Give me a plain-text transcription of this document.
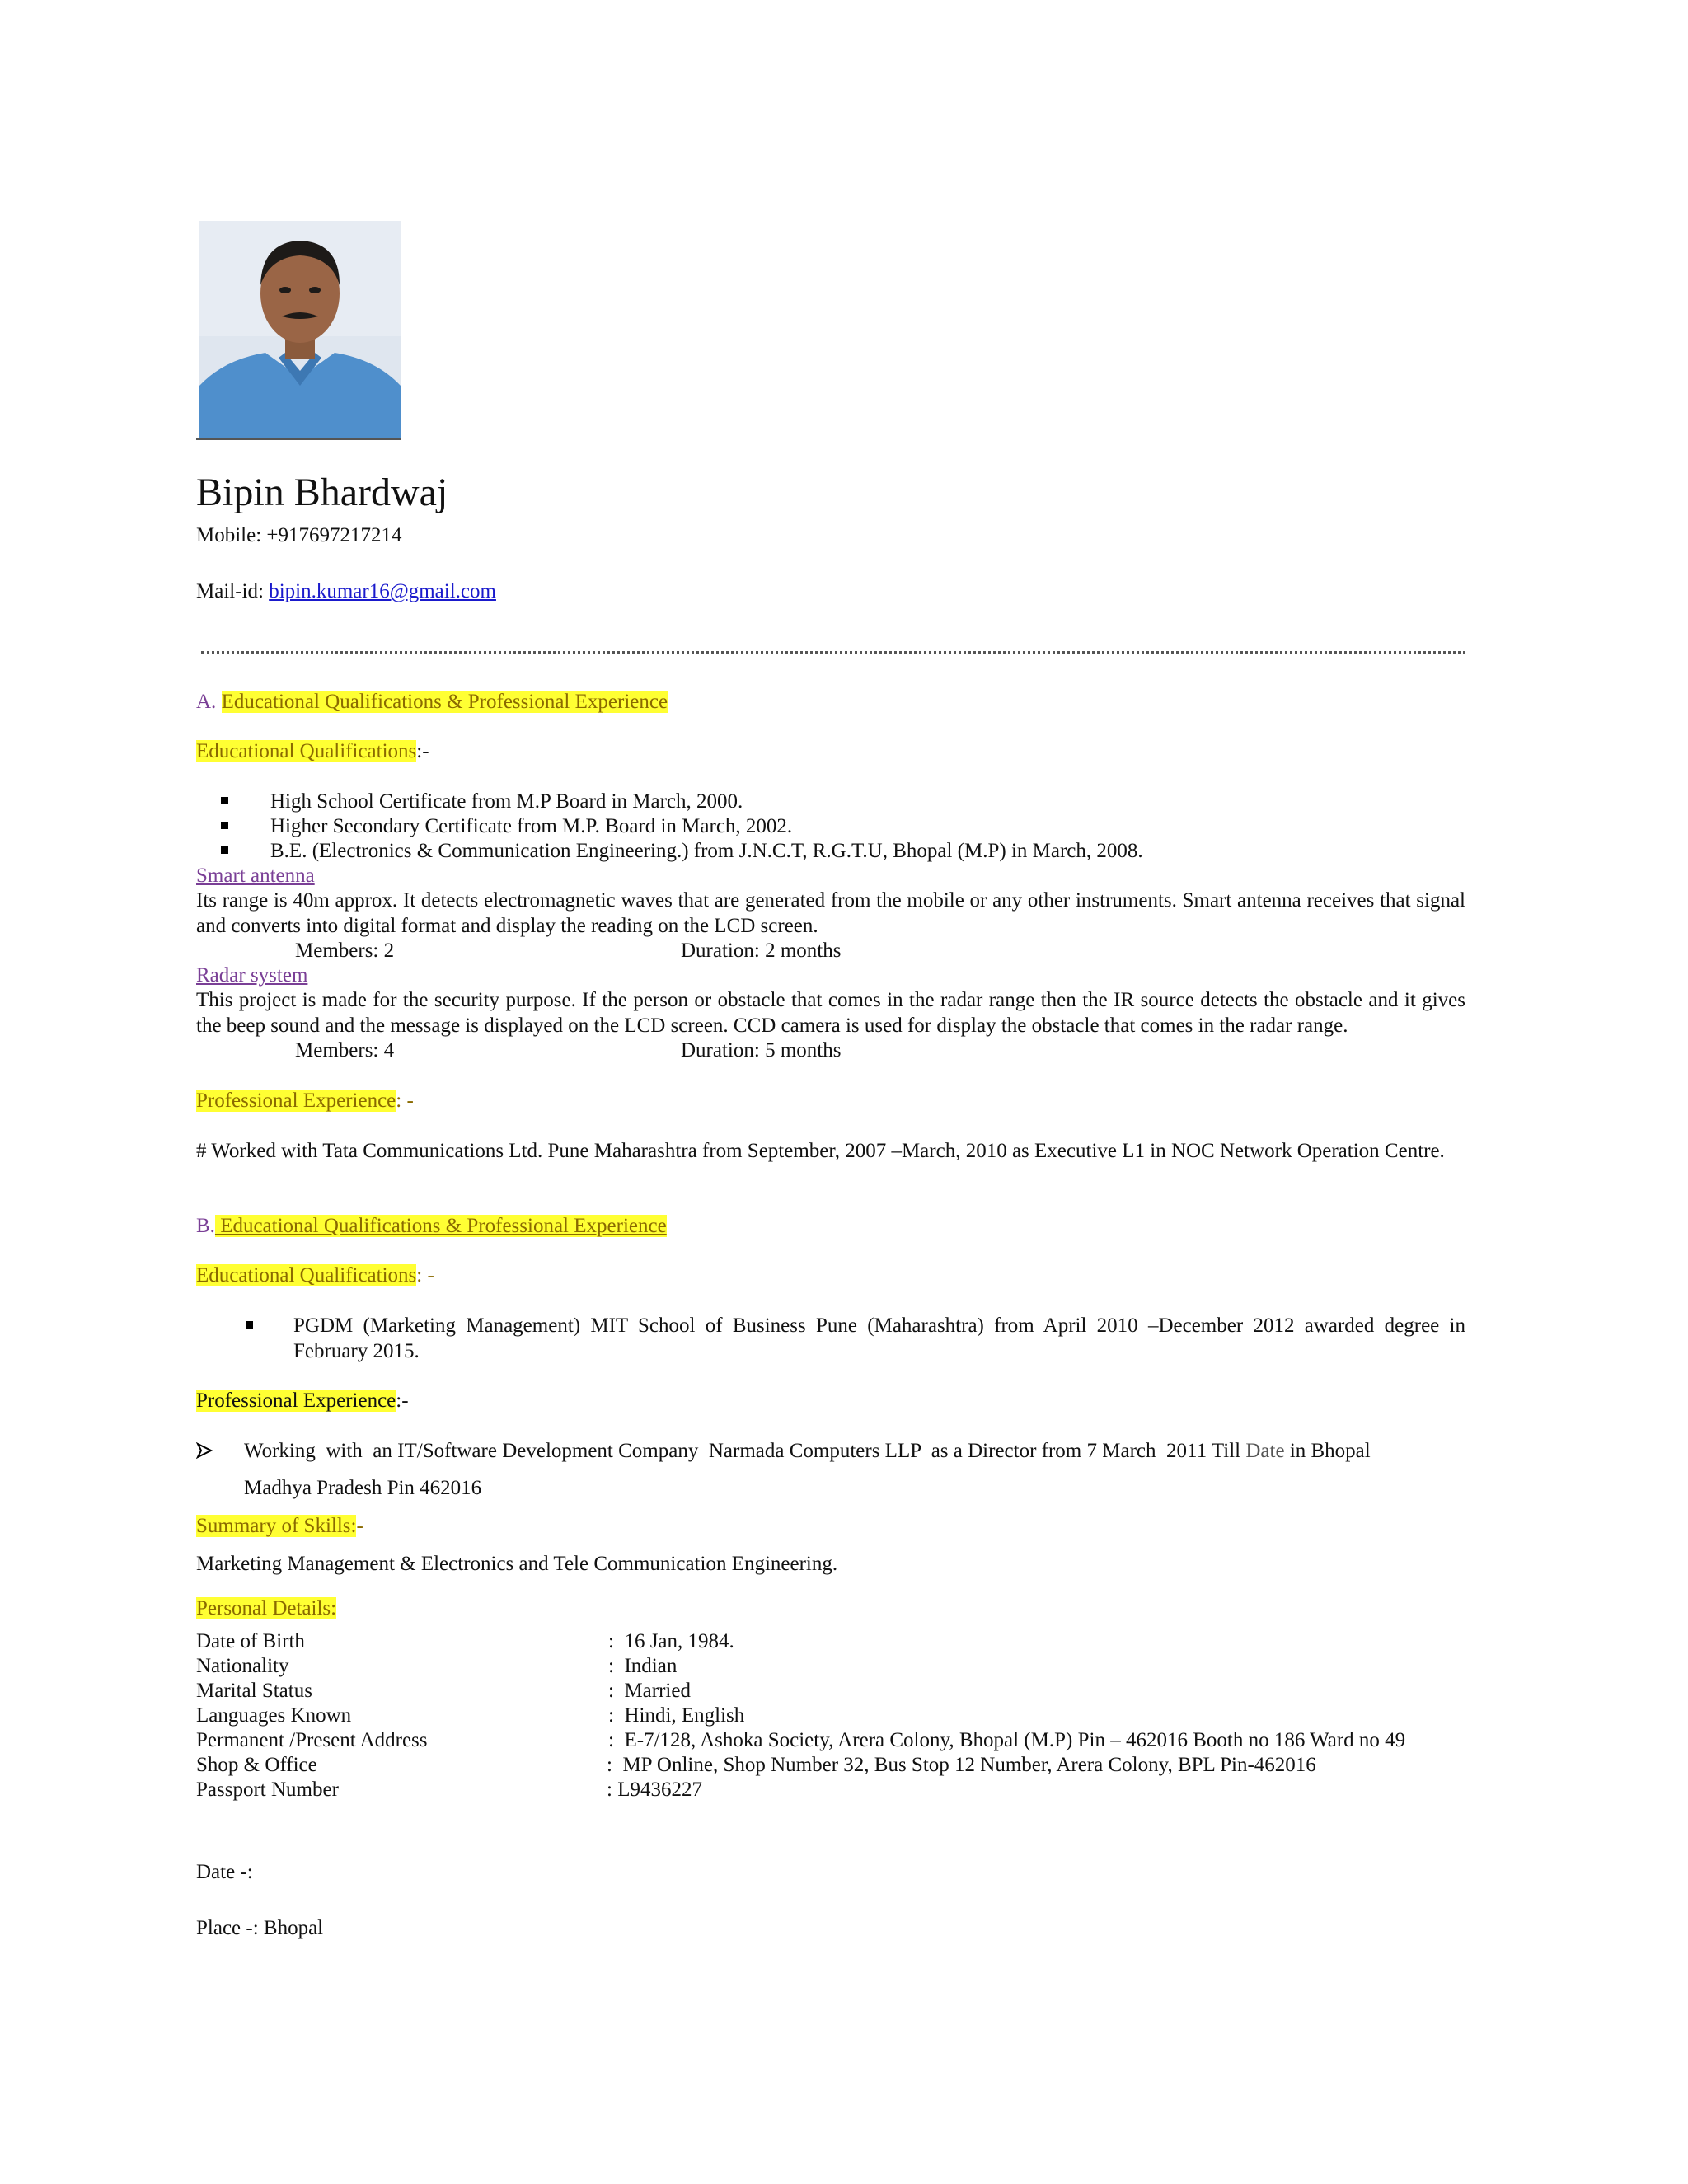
Bipin Bhardwaj
Mobile: +917697217214
Mail-id: bipin.kumar16@gmail.com
A. Educational Qualifications & Professional Experience
Educational Qualifications:-
High School Certificate from M.P Board in March, 2000.
Higher Secondary Certificate from M.P. Board in March, 2002.
B.E. (Electronics & Communication Engineering.) from J.N.C.T, R.G.T.U, Bhopal (M.P) in March, 2008.
Smart antenna
Its range is 40m approx. It detects electromagnetic waves that are generated from the mobile or any other instruments. Smart antenna receives that signal and converts into digital format and display the reading on the LCD screen.
Members: 2	Duration: 2 months
Radar system
This project is made for the security purpose. If the person or obstacle that comes in the radar range then the IR source detects the obstacle and it gives the beep sound and the message is displayed on the LCD screen. CCD camera is used for display the obstacle that comes in the radar range.
Members: 4	Duration: 5 months
Professional Experience: -
# Worked with Tata Communications Ltd. Pune Maharashtra from September, 2007 –March, 2010 as Executive L1 in NOC Network Operation Centre.
B. Educational Qualifications & Professional Experience
Educational Qualifications: -
PGDM (Marketing Management) MIT School of Business Pune (Maharashtra) from April 2010 –December 2012 awarded degree in February 2015.
Professional Experience:-
Working  with  an IT/Software Development Company  Narmada Computers LLP  as a Director from 7 March  2011 Till Date in Bhopal
Madhya Pradesh Pin 462016
Summary of Skills:-
Marketing Management & Electronics and Tele Communication Engineering.
Personal Details:
Date of Birth	:  16 Jan, 1984.
Nationality	:  Indian
Marital Status	:  Married
Languages Known	:  Hindi, English
Permanent /Present Address	:  E-7/128, Ashoka Society, Arera Colony, Bhopal (M.P) Pin – 462016 Booth no 186 Ward no 49
Shop & Office	:  MP Online, Shop Number 32, Bus Stop 12 Number, Arera Colony, BPL Pin-462016
Passport Number	: L9436227
Date -:
Place -: Bhopal
